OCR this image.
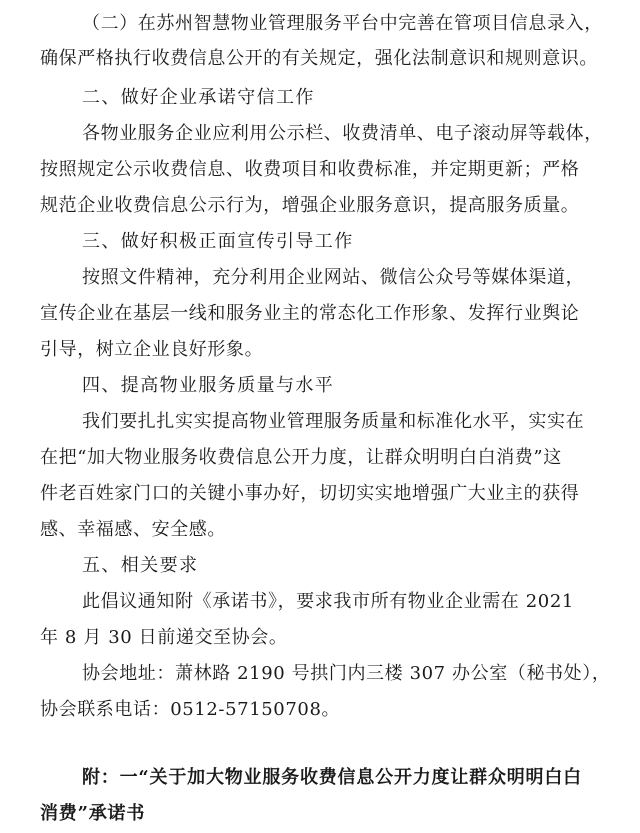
（二）在苏州智慧物业管理服务平台中完善在管项目信息录入，

确保严格执行收费信息公开的有关规定，强化法制意识和规则意识。

二、做好企业承诺守信工作

各物业服务企业应利用公示栏、收费清单、电子滚动屏等载体，

按照规定公示收费信息、收费项目和收费标准，并定期更新；严格

规范企业收费信息公示行为，增强企业服务意识，提高服务质量。

三、做好积极正面宣传引导工作

按照文件精神，充分利用企业网站、微信公众号等媒体渠道，

宣传企业在基层一线和服务业主的常态化工作形象、发挥行业舆论

引导，树立企业良好形象。

四、提高物业服务质量与水平

我们要扎扎实实提高物业管理服务质量和标准化水平，实实在

在把“加大物业服务收费信息公开力度，让群众明明白白消费”这

件老百姓家门口的关键小事办好，切切实实地增强广大业主的获得

感、幸福感、安全感。

五、相关要求

此倡议通知附《承诺书》，要求我市所有物业企业需在 2021

年 8 月 30 日前递交至协会。

协会地址：萧林路 2190 号拱门内三楼 307 办公室（秘书处），

协会联系电话：0512-57150708。

附：一“关于加大物业服务收费信息公开力度让群众明明白白

消费”承诺书
